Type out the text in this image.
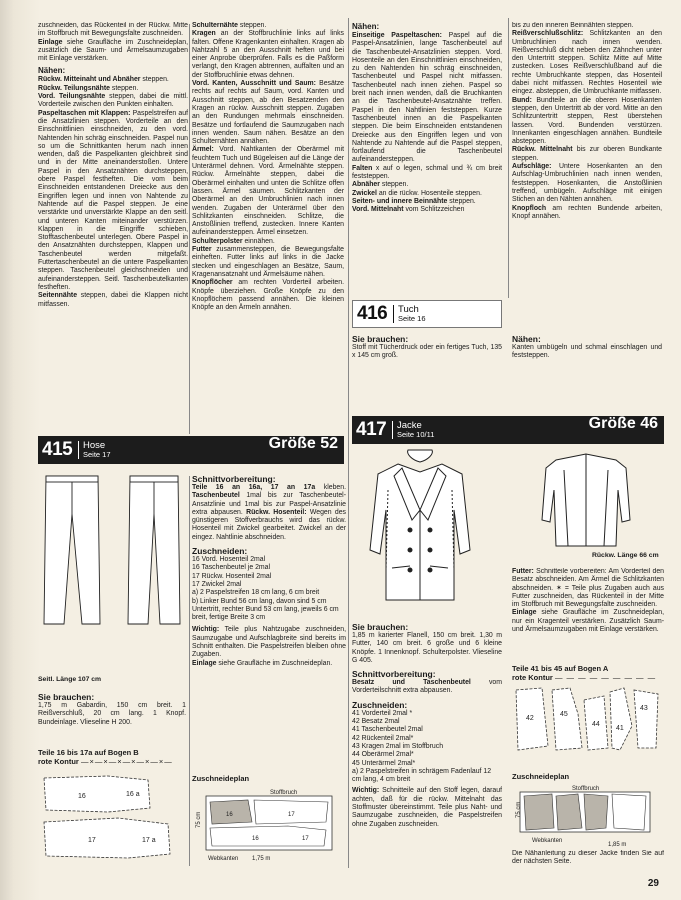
zuschneiden, das Rückenteil in der Rückw. Mitte im Stoffbruch mit Bewegungsfalte zuschneiden.

Einlage siehe Graufläche im Zuschneideplan, zusätzlich die Saum- und Ärmelsaumzugaben mit Einlage verstärken.

Nähen:

Rückw. Mitteinaht und Abnäher steppen.

Rückw. Teilungsnähte steppen.

Vord. Teilungsnähte steppen, dabei die mittl. Vorderteile zwischen den Punkten einhalten.

Paspeltaschen mit Klappen: Paspelstreifen auf die Ansatzlinien steppen. Vorderteile an den Einschnittlinien einschneiden, zu den vord. Nahtenden hin schräg einschneiden. Paspel nun so um die Schnittkanten herum nach innen wenden, daß die Paspelkanten gleichbreit sind und in der Mitte aneinanderstoßen. Untere Paspel in den Ansatznähten durchsteppen, obere Paspel festheften. Die vom beim Einschneiden entstandenen Dreiecke aus den Eingriffen legen und innen von Nahtende zu Nahtende auf die Paspel steppen. Je eine verstärkte und unverstärkte Klappe an den seitl. und unteren Kanten miteinander verstürzen. Klappen in die Eingriffe schieben, Stofftaschenbeutel unterlegen. Obere Paspel in den Ansatznähten durchsteppen, Klappen und Taschenbeutel werden mitgefaßt. Futtertaschenbeutel an die untere Paspelkanten steppen. Taschenbeutel gleichschneiden und aufeinandersteppen. Seitl. Taschenbeutelkanten festheften.

Seitennähte steppen, dabei die Klappen nicht mitfassen.

Schulternähte steppen.

Kragen an der Stoffbruchlinie links auf links falten. Offene Kragenkanten einhalten. Kragen ab Nahtzahl 5 an den Ausschnitt heften und bei einer Anprobe überprüfen. Falls es die Paßform verlangt, den Kragen abtrennen, auffalten und an der Stoffbruchlinie etwas dehnen.

Vord. Kanten, Ausschnitt und Saum: Besätze rechts auf rechts auf Saum, vord. Kanten und Ausschnitt steppen, ab den Besatzenden den Kragen an rückw. Ausschnitt steppen. Zugaben an den Rundungen mehrmals einschneiden. Besätze und fortlaufend die Saumzugaben nach innen wenden. Saum nähen. Besätze an den Schulternähten annähen.

Ärmel: Vord. Nahtkanten der Oberärmel mit feuchtem Tuch und Bügeleisen auf die Länge der Unterärmel dehnen. Vord. Ärmelnähte steppen. Rückw. Ärmelnähte steppen, dabei die Oberärmel einhalten und unten die Schlitze offen lassen. Ärmel säumen. Schlitzkanten der Oberärmel an den Umbruchlinien nach innen wenden. Zugaben der Unterärmel über den Schlitzkanten einschneiden. Schlitze, die Anstoßlinien treffend, zustecken. Innere Kanten aufeinandersteppen. Ärmel einsetzen.

Schulterpolster einnähen.

Futter zusammensteppen, die Bewegungsfalte einheften. Futter links auf links in die Jacke stecken und eingeschlagen an Besätze, Saum, Kragenansatznaht und Ärmelsäume nähen.

Knopflöcher am rechten Vorderteil arbeiten. Knöpfe überziehen. Große Knöpfe zu den Knopflöchern passend annähen. Die kleinen Knöpfe an den Ärmeln annähen.

Nähen:

Einseitige Paspeltaschen: Paspel auf die Paspel-Ansatzlinien, lange Taschenbeutel auf die Taschenbeutel-Ansatzlinien steppen. Vord. Hosenteile an den Einschnittlinien einschneiden, zu den Nahtenden hin schräg einschneiden, Taschenbeutel und Paspel nicht mitfassen. Taschenbeutel nach innen ziehen. Paspel so breit nach innen wenden, daß die Bruchkanten an die Taschenbeutel-Ansatznähte treffen. Paspel in den Nahtlinien feststeppen. Kurze Taschenbeutel innen an die Paspelkanten steppen. Die beim Einschneiden entstandenen Dreiecke aus den Eingriffen legen und von Nahtende zu Nahtende auf die Paspel steppen, fortlaufend die Taschenbeutel aufeinandersteppen.

Falten x auf o legen, schmal und ¾ cm breit feststeppen.

Abnäher steppen.

Zwickel an die rückw. Hosenteile steppen.

Seiten- und innere Beinnähte steppen.

Vord. Mittelnaht vom Schlitzzeichen

bis zu den inneren Beinnähten steppen.

Reißverschlußschlitz: Schlitzkanten an den Umbruchlinien nach innen wenden. Reißverschluß dicht neben den Zähnchen unter den Untertritt steppen. Schlitz Mitte auf Mitte zustecken. Loses Reißverschlußband auf die rechte Umbruchkante steppen, das Hosenteil dabei nicht mitfassen. Rechtes Hosenteil wie eingez. absteppen, die Umbruchkante mitfassen.

Bund: Bundteile an die oberen Hosenkanten steppen, den Untertritt ab der vord. Mitte an den Schlitzuntertritt steppen, Rest überstehen lassen. Vord. Bundenden verstürzen. Innenkanten eingeschlagen annähen. Bundteile absteppen.

Rückw. Mittelnaht bis zur oberen Bundkante steppen.

Aufschläge: Untere Hosenkanten an den Aufschlag-Umbruchlinien nach innen wenden, feststeppen. Hosenkanten, die Anstoßlinien treffend, umbügeln. Aufschläge mit einigen Stichen an den Nähten annähen.

Knopfloch am rechten Bundende arbeiten, Knopf annähen.

416	Tuch
Seite 16
Sie brauchen:

Stoff mit Tücherdruck oder ein fertiges Tuch, 135 x 145 cm groß.

Nähen:

Kanten umbügeln und schmal einschlagen und feststeppen.

417	Jacke
Seite 10/11
Größe 46
Rückw. Länge 66 cm
Sie brauchen:

1,85 m karierter Flanell, 150 cm breit. 1,30 m Futter, 140 cm breit. 6 große und 6 kleine Knöpfe. 1 Innenknopf. Schulterpolster. Vlieseline G 405.

Schnittvorbereitung:

Besatz und Taschenbeutel vom Vorderteilschnitt extra abpausen.

Zuschneiden:
41 Vorderteil 2mal *
42 Besatz 2mal
41 Taschenbeutel 2mal
42 Rückenteil 2mal*
43 Kragen 2mal im Stoffbruch
44 Oberärmel 2mal*
45 Unterärmel 2mal*
a) 2 Paspelstreifen in schrägem Fadenlauf 12 cm lang, 4 cm breit

Wichtig: Schnitteile auf den Stoff legen, darauf achten, daß für die rückw. Mittelnaht das Stoffmuster übereinstimmt. Teile plus Naht- und Saumzugabe zuschneiden, die Paspelstreifen ohne Zugaben zuschneiden.

Futter: Schnitteile vorbereiten: Am Vorderteil den Besatz abschneiden. Am Ärmel die Schlitzkanten abschneiden. ✶ = Teile plus Zugaben auch aus Futter zuschneiden, das Rückenteil in der Mitte im Stoffbruch mit Bewegungsfalte zuschneiden.

Einlage siehe Graufläche im Zuschneideplan, nur ein Kragenteil verstärken. Zusätzlich Saum- und Ärmelsaumzugaben mit Einlage verstärken.

Teile 41 bis 45 auf Bogen A
rote Kontur — — — — — — — — —
42
45
44
41
43
Zuschneideplan
Stoffbruch
Webkanten
1,85 m
75 cm

Die Nähanleitung zu dieser Jacke finden Sie auf der nächsten Seite.

415	Hose
Seite 17
Größe 52
Seitl. Länge 107 cm
Sie brauchen:

1,75 m Gabardin, 150 cm breit. 1 Reißverschluß, 20 cm lang. 1 Knopf. Bundeinlage. Vlieseline H 200.

Teile 16 bis 17a auf Bogen B
rote Kontur —×—×—×—×—×—×—
16	16 a
17	17 a
Schnittvorbereitung:

Teile 16 an 16a, 17 an 17a kleben. Taschenbeutel 1mal bis zur Taschenbeutel-Ansatzlinie und 1mal bis zur Paspel-Ansatzlinie extra abpausen. Rückw. Hosenteil: Wegen des günstigeren Stoffverbrauchs wird das rückw. Hosenteil mit Zwickel gearbeitet. Zwickel an der eingez. Nahtlinie abschneiden.

Zuschneiden:
16 Vord. Hosenteil 2mal
16 Taschenbeutel je 2mal
17 Rückw. Hosenteil 2mal
17 Zwickel 2mal
a) 2 Paspelstreifen 18 cm lang, 6 cm breit
b) Linker Bund 56 cm lang, davon sind 5 cm Untertritt, rechter Bund 53 cm lang, jeweils 6 cm breit, fertige Breite 3 cm

Wichtig: Teile plus Nahtzugabe zuschneiden, Saumzugabe und Aufschlagbreite sind bereits im Schnitt enthalten. Die Paspelstreifen bleiben ohne Zugaben.

Einlage siehe Graufläche im Zuschneideplan.

Zuschneideplan
Stoffbruch
16	17
16	17
Webkanten 1,75 m
75 cm
29
